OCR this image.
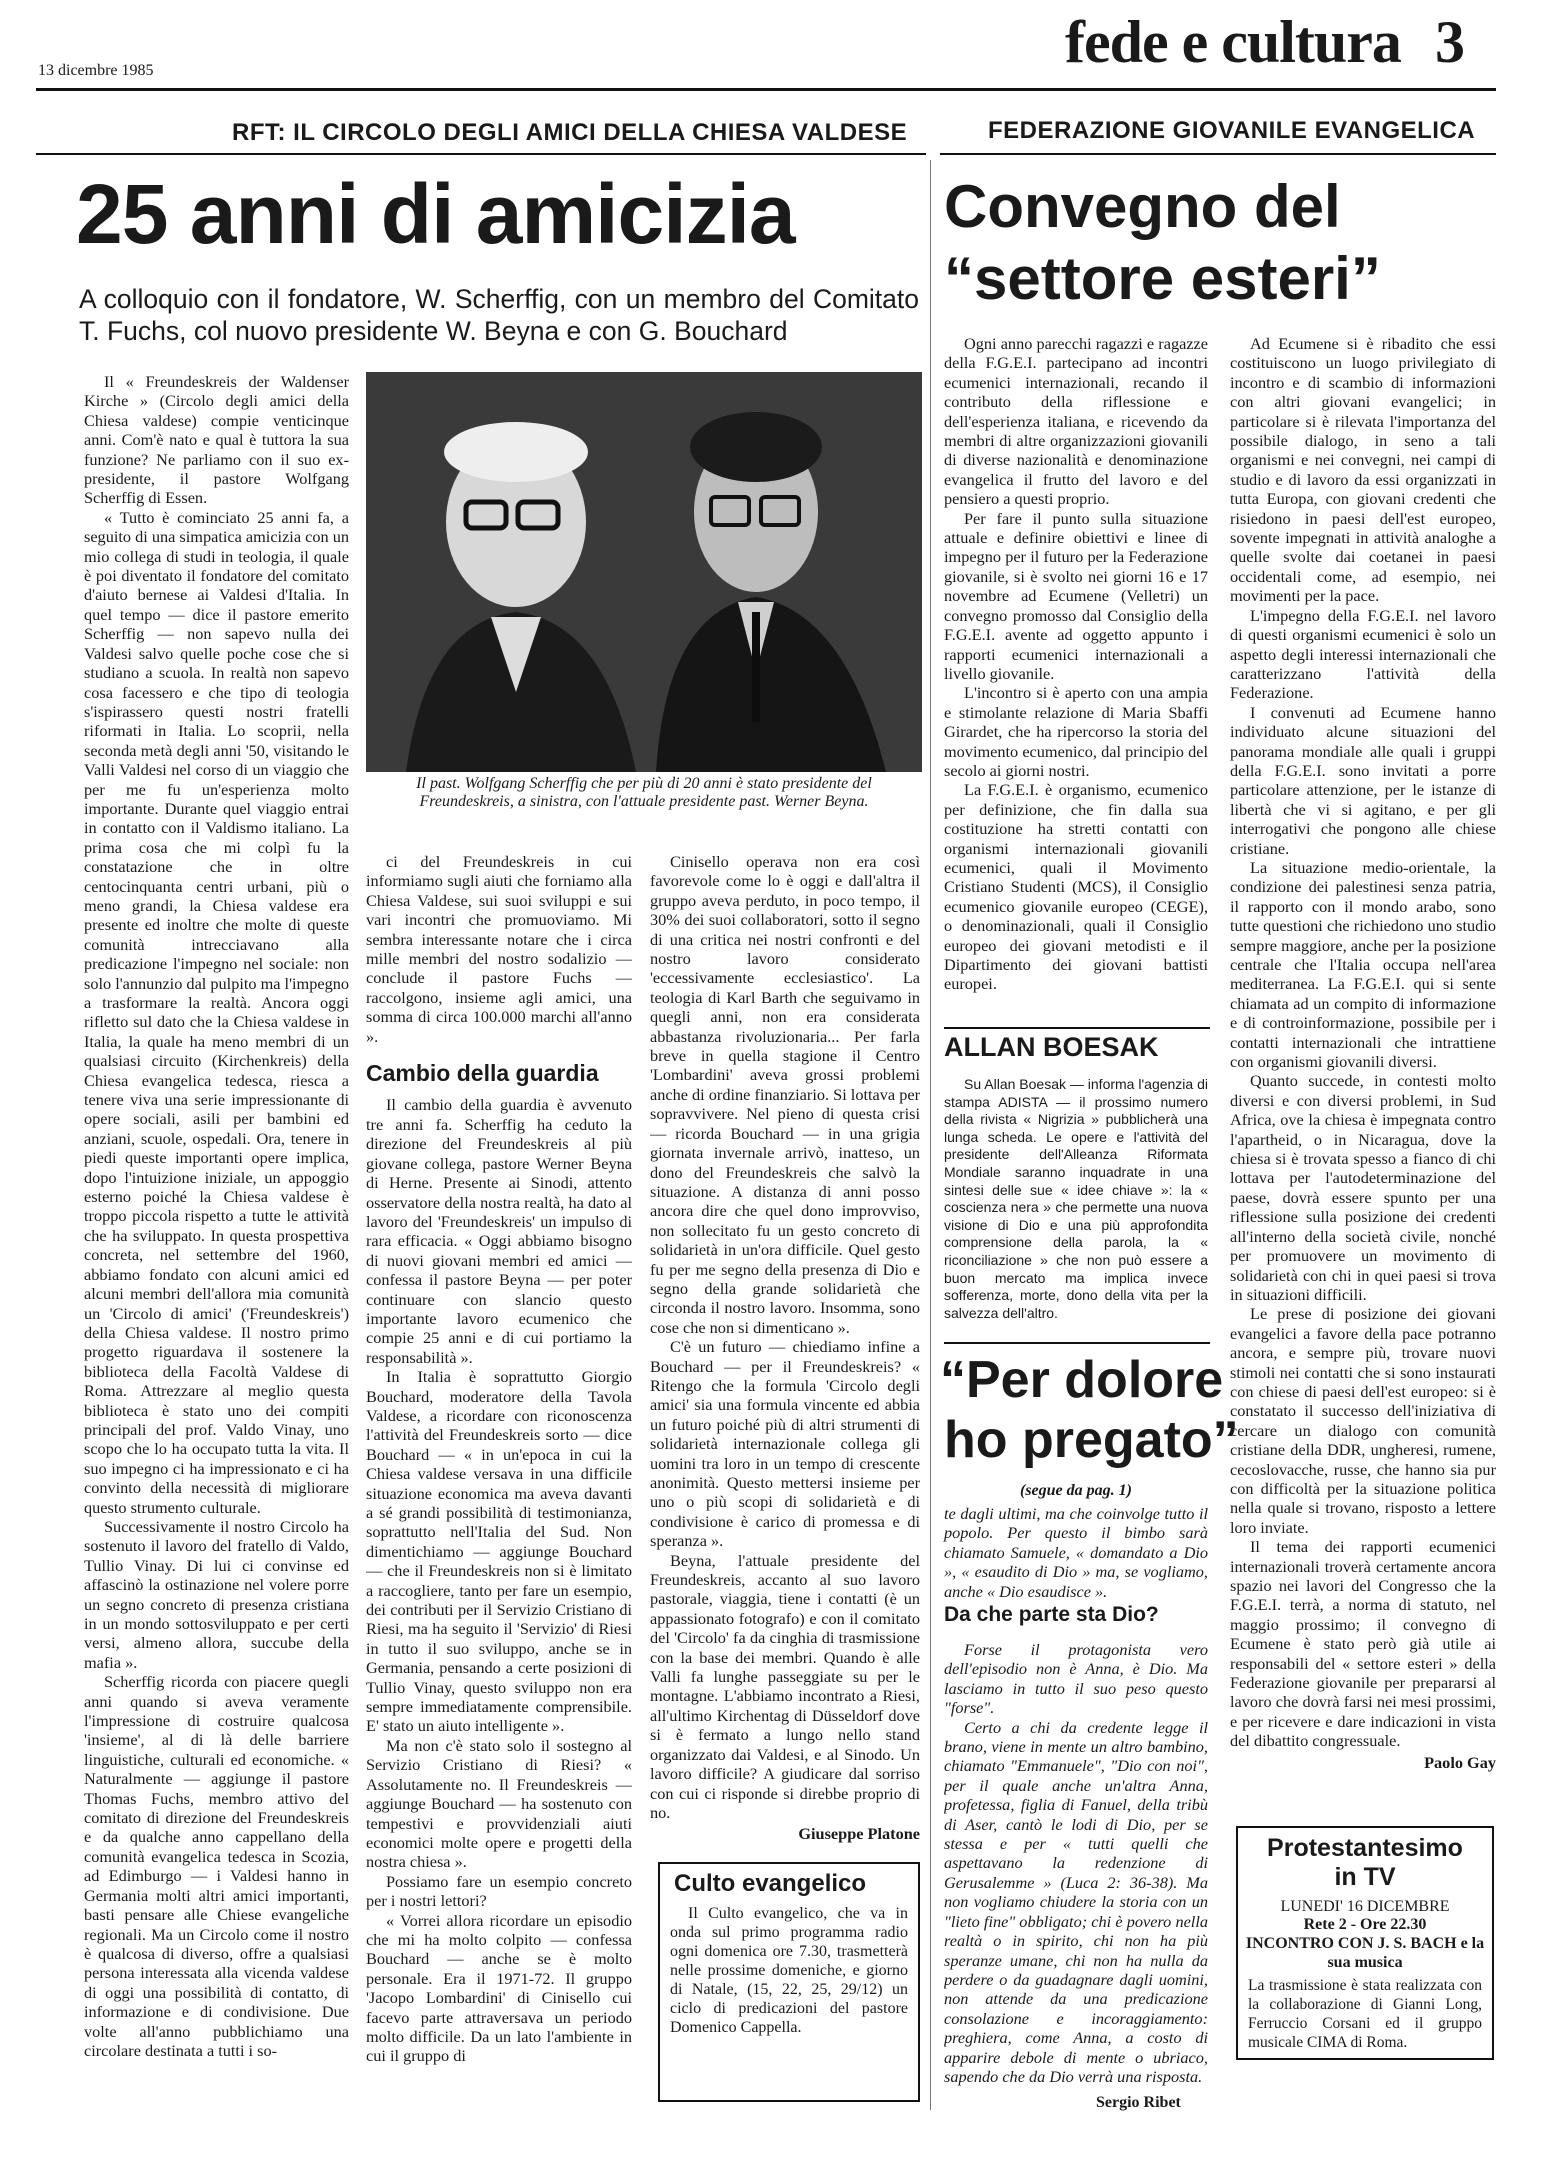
13 dicembre 1985	fede e cultura 3
RFT: IL CIRCOLO DEGLI AMICI DELLA CHIESA VALDESE	FEDERAZIONE GIOVANILE EVANGELICA
25 anni di amicizia
A colloquio con il fondatore, W. Scherffig, con un membro del Comitato T. Fuchs, col nuovo presidente W. Beyna e con G. Bouchard
Il past. Wolfgang Scherffig che per più di 20 anni è stato presidente del Freundeskreis, a sinistra, con l'attuale presidente past. Werner Beyna.

Il « Freundeskreis der Waldenser Kirche » (Circolo degli amici della Chiesa valdese) compie venticinque anni. Com'è nato e qual è tuttora la sua funzione? Ne parliamo con il suo ex-presidente, il pastore Wolfgang Scherffig di Essen.

« Tutto è cominciato 25 anni fa, a seguito di una simpatica amicizia con un mio collega di studi in teologia, il quale è poi diventato il fondatore del comitato d'aiuto bernese ai Valdesi d'Italia. In quel tempo — dice il pastore emerito Scherffig — non sapevo nulla dei Valdesi salvo quelle poche cose che si studiano a scuola. In realtà non sapevo cosa facessero e che tipo di teologia s'ispirassero questi nostri fratelli riformati in Italia. Lo scoprii, nella seconda metà degli anni '50, visitando le Valli Valdesi nel corso di un viaggio che per me fu un'esperienza molto importante. Durante quel viaggio entrai in contatto con il Valdismo italiano. La prima cosa che mi colpì fu la constatazione che in oltre centocinquanta centri urbani, più o meno grandi, la Chiesa valdese era presente ed inoltre che molte di queste comunità intrecciavano alla predicazione l'impegno nel sociale: non solo l'annunzio dal pulpito ma l'impegno a trasformare la realtà. Ancora oggi rifletto sul dato che la Chiesa valdese in Italia, la quale ha meno membri di un qualsiasi circuito (Kirchenkreis) della Chiesa evangelica tedesca, riesca a tenere viva una serie impressionante di opere sociali, asili per bambini ed anziani, scuole, ospedali. Ora, tenere in piedi queste importanti opere implica, dopo l'intuizione iniziale, un appoggio esterno poiché la Chiesa valdese è troppo piccola rispetto a tutte le attività che ha sviluppato. In questa prospettiva concreta, nel settembre del 1960, abbiamo fondato con alcuni amici ed alcuni membri dell'allora mia comunità un 'Circolo di amici' ('Freundeskreis') della Chiesa valdese. Il nostro primo progetto riguardava il sostenere la biblioteca della Facoltà Valdese di Roma. Attrezzare al meglio questa biblioteca è stato uno dei compiti principali del prof. Valdo Vinay, uno scopo che lo ha occupato tutta la vita. Il suo impegno ci ha impressionato e ci ha convinto della necessità di migliorare questo strumento culturale.

Successivamente il nostro Circolo ha sostenuto il lavoro del fratello di Valdo, Tullio Vinay. Di lui ci convinse ed affascinò la ostinazione nel volere porre un segno concreto di presenza cristiana in un mondo sottosviluppato e per certi versi, almeno allora, succube della mafia ».

Scherffig ricorda con piacere quegli anni quando si aveva veramente l'impressione di costruire qualcosa 'insieme', al di là delle barriere linguistiche, culturali ed economiche. « Naturalmente — aggiunge il pastore Thomas Fuchs, membro attivo del comitato di direzione del Freundeskreis e da qualche anno cappellano della comunità evangelica tedesca in Scozia, ad Edimburgo — i Valdesi hanno in Germania molti altri amici importanti, basti pensare alle Chiese evangeliche regionali. Ma un Circolo come il nostro è qualcosa di diverso, offre a qualsiasi persona interessata alla vicenda valdese di oggi una possibilità di contatto, di informazione e di condivisione. Due volte all'anno pubblichiamo una circolare destinata a tutti i so-

ci del Freundeskreis in cui informiamo sugli aiuti che forniamo alla Chiesa Valdese, sui suoi sviluppi e sui vari incontri che promuoviamo. Mi sembra interessante notare che i circa mille membri del nostro sodalizio — conclude il pastore Fuchs — raccolgono, insieme agli amici, una somma di circa 100.000 marchi all'anno ».

Cambio della guardia

Il cambio della guardia è avvenuto tre anni fa. Scherffig ha ceduto la direzione del Freundeskreis al più giovane collega, pastore Werner Beyna di Herne. Presente ai Sinodi, attento osservatore della nostra realtà, ha dato al lavoro del 'Freundeskreis' un impulso di rara efficacia. « Oggi abbiamo bisogno di nuovi giovani membri ed amici — confessa il pastore Beyna — per poter continuare con slancio questo importante lavoro ecumenico che compie 25 anni e di cui portiamo la responsabilità ».

In Italia è soprattutto Giorgio Bouchard, moderatore della Tavola Valdese, a ricordare con riconoscenza l'attività del Freundeskreis sorto — dice Bouchard — « in un'epoca in cui la Chiesa valdese versava in una difficile situazione economica ma aveva davanti a sé grandi possibilità di testimonianza, soprattutto nell'Italia del Sud. Non dimentichiamo — aggiunge Bouchard — che il Freundeskreis non si è limitato a raccogliere, tanto per fare un esempio, dei contributi per il Servizio Cristiano di Riesi, ma ha seguito il 'Servizio' di Riesi in tutto il suo sviluppo, anche se in Germania, pensando a certe posizioni di Tullio Vinay, questo sviluppo non era sempre immediatamente comprensibile. E' stato un aiuto intelligente ».

Ma non c'è stato solo il sostegno al Servizio Cristiano di Riesi? « Assolutamente no. Il Freundeskreis — aggiunge Bouchard — ha sostenuto con tempestivi e provvidenziali aiuti economici molte opere e progetti della nostra chiesa ».

Possiamo fare un esempio concreto per i nostri lettori?

« Vorrei allora ricordare un episodio che mi ha molto colpito — confessa Bouchard — anche se è molto personale. Era il 1971-72. Il gruppo 'Jacopo Lombardini' di Cinisello cui facevo parte attraversava un periodo molto difficile. Da un lato l'ambiente in cui il gruppo di

Cinisello operava non era così favorevole come lo è oggi e dall'altra il gruppo aveva perduto, in poco tempo, il 30% dei suoi collaboratori, sotto il segno di una critica nei nostri confronti e del nostro lavoro considerato 'eccessivamente ecclesiastico'. La teologia di Karl Barth che seguivamo in quegli anni, non era considerata abbastanza rivoluzionaria... Per farla breve in quella stagione il Centro 'Lombardini' aveva grossi problemi anche di ordine finanziario. Si lottava per sopravvivere. Nel pieno di questa crisi — ricorda Bouchard — in una grigia giornata invernale arrivò, inatteso, un dono del Freundeskreis che salvò la situazione. A distanza di anni posso ancora dire che quel dono improvviso, non sollecitato fu un gesto concreto di solidarietà in un'ora difficile. Quel gesto fu per me segno della presenza di Dio e segno della grande solidarietà che circonda il nostro lavoro. Insomma, sono cose che non si dimenticano ».

C'è un futuro — chiediamo infine a Bouchard — per il Freundeskreis? « Ritengo che la formula 'Circolo degli amici' sia una formula vincente ed abbia un futuro poiché più di altri strumenti di solidarietà internazionale collega gli uomini tra loro in un tempo di crescente anonimità. Questo mettersi insieme per uno o più scopi di solidarietà e di condivisione è carico di promessa e di speranza ».

Beyna, l'attuale presidente del Freundeskreis, accanto al suo lavoro pastorale, viaggia, tiene i contatti (è un appassionato fotografo) e con il comitato del 'Circolo' fa da cinghia di trasmissione con la base dei membri. Quando è alle Valli fa lunghe passeggiate su per le montagne. L'abbiamo incontrato a Riesi, all'ultimo Kirchentag di Düsseldorf dove si è fermato a lungo nello stand organizzato dai Valdesi, e al Sinodo. Un lavoro difficile? A giudicare dal sorriso con cui ci risponde si direbbe proprio di no.

Giuseppe Platone

Culto evangelico
Il Culto evangelico, che va in onda sul primo programma radio ogni domenica ore 7.30, trasmetterà nelle prossime domeniche, e giorno di Natale, (15, 22, 25, 29/12) un ciclo di predicazioni del pastore Domenico Cappella.
Convegno del
“settore esteri”

Ogni anno parecchi ragazzi e ragazze della F.G.E.I. partecipano ad incontri ecumenici internazionali, recando il contributo della riflessione e dell'esperienza italiana, e ricevendo da membri di altre organizzazioni giovanili di diverse nazionalità e denominazione evangelica il frutto del lavoro e del pensiero a questi proprio.

Per fare il punto sulla situazione attuale e definire obiettivi e linee di impegno per il futuro per la Federazione giovanile, si è svolto nei giorni 16 e 17 novembre ad Ecumene (Velletri) un convegno promosso dal Consiglio della F.G.E.I. avente ad oggetto appunto i rapporti ecumenici internazionali a livello giovanile.

L'incontro si è aperto con una ampia e stimolante relazione di Maria Sbaffi Girardet, che ha ripercorso la storia del movimento ecumenico, dal principio del secolo ai giorni nostri.

La F.G.E.I. è organismo, ecumenico per definizione, che fin dalla sua costituzione ha stretti contatti con organismi internazionali giovanili ecumenici, quali il Movimento Cristiano Studenti (MCS), il Consiglio ecumenico giovanile europeo (CEGE), o denominazionali, quali il Consiglio europeo dei giovani metodisti e il Dipartimento dei giovani battisti europei.

Ad Ecumene si è ribadito che essi costituiscono un luogo privilegiato di incontro e di scambio di informazioni con altri giovani evangelici; in particolare si è rilevata l'importanza del possibile dialogo, in seno a tali organismi e nei convegni, nei campi di studio e di lavoro da essi organizzati in tutta Europa, con giovani credenti che risiedono in paesi dell'est europeo, sovente impegnati in attività analoghe a quelle svolte dai coetanei in paesi occidentali come, ad esempio, nei movimenti per la pace.

L'impegno della F.G.E.I. nel lavoro di questi organismi ecumenici è solo un aspetto degli interessi internazionali che caratterizzano l'attività della Federazione.

I convenuti ad Ecumene hanno individuato alcune situazioni del panorama mondiale alle quali i gruppi della F.G.E.I. sono invitati a porre particolare attenzione, per le istanze di libertà che vi si agitano, e per gli interrogativi che pongono alle chiese cristiane.

La situazione medio-orientale, la condizione dei palestinesi senza patria, il rapporto con il mondo arabo, sono tutte questioni che richiedono uno studio sempre maggiore, anche per la posizione centrale che l'Italia occupa nell'area mediterranea. La F.G.E.I. qui si sente chiamata ad un compito di informazione e di controinformazione, possibile per i contatti internazionali che intrattiene con organismi giovanili diversi.

Quanto succede, in contesti molto diversi e con diversi problemi, in Sud Africa, ove la chiesa è impegnata contro l'apartheid, o in Nicaragua, dove la chiesa si è trovata spesso a fianco di chi lottava per l'autodeterminazione del paese, dovrà essere spunto per una riflessione sulla posizione dei credenti all'interno della società civile, nonché per promuovere un movimento di solidarietà con chi in quei paesi si trova in situazioni difficili.

Le prese di posizione dei giovani evangelici a favore della pace potranno ancora, e sempre più, trovare nuovi stimoli nei contatti che si sono instaurati con chiese di paesi dell'est europeo: si è constatato il successo dell'iniziativa di cercare un dialogo con comunità cristiane della DDR, ungheresi, rumene, cecoslovacche, russe, che hanno sia pur con difficoltà per la situazione politica nella quale si trovano, risposto a lettere loro inviate.

Il tema dei rapporti ecumenici internazionali troverà certamente ancora spazio nei lavori del Congresso che la F.G.E.I. terrà, a norma di statuto, nel maggio prossimo; il convegno di Ecumene è stato però già utile ai responsabili del « settore esteri » della Federazione giovanile per prepararsi al lavoro che dovrà farsi nei mesi prossimi, e per ricevere e dare indicazioni in vista del dibattito congressuale.

Paolo Gay

ALLAN BOESAK
Su Allan Boesak — informa l'agenzia di stampa ADISTA — il prossimo numero della rivista « Nigrizia » pubblicherà una lunga scheda. Le opere e l'attività del presidente dell'Alleanza Riformata Mondiale saranno inquadrate in una sintesi delle sue « idee chiave »: la « coscienza nera » che permette una nuova visione di Dio e una più approfondita comprensione della parola, la « riconciliazione » che non può essere a buon mercato ma implica invece sofferenza, morte, dono della vita per la salvezza dell'altro.
“Per dolore
ho pregato”
(segue da pag. 1)

te dagli ultimi, ma che coinvolge tutto il popolo. Per questo il bimbo sarà chiamato Samuele, « domandato a Dio », « esaudito di Dio » ma, se vogliamo, anche « Dio esaudisce ».

Da che parte sta Dio?

Forse il protagonista vero dell'episodio non è Anna, è Dio. Ma lasciamo in tutto il suo peso questo "forse".

Certo a chi da credente legge il brano, viene in mente un altro bambino, chiamato "Emmanuele", "Dio con noi", per il quale anche un'altra Anna, profetessa, figlia di Fanuel, della tribù di Aser, cantò le lodi di Dio, per se stessa e per « tutti quelli che aspettavano la redenzione di Gerusalemme » (Luca 2: 36-38). Ma non vogliamo chiudere la storia con un "lieto fine" obbligato; chi è povero nella realtà o in spirito, chi non ha più speranze umane, chi non ha nulla da perdere o da guadagnare dagli uomini, non attende da una predicazione consolazione e incoraggiamento: preghiera, come Anna, a costo di apparire debole di mente o ubriaco, sapendo che da Dio verrà una risposta.

Sergio Ribet
Protestantesimo
in TV
LUNEDI' 16 DICEMBRE
Rete 2 - Ore 22.30
INCONTRO CON J. S. BACH e la sua musica
La trasmissione è stata realizzata con la collaborazione di Gianni Long, Ferruccio Corsani ed il gruppo musicale CIMA di Roma.
